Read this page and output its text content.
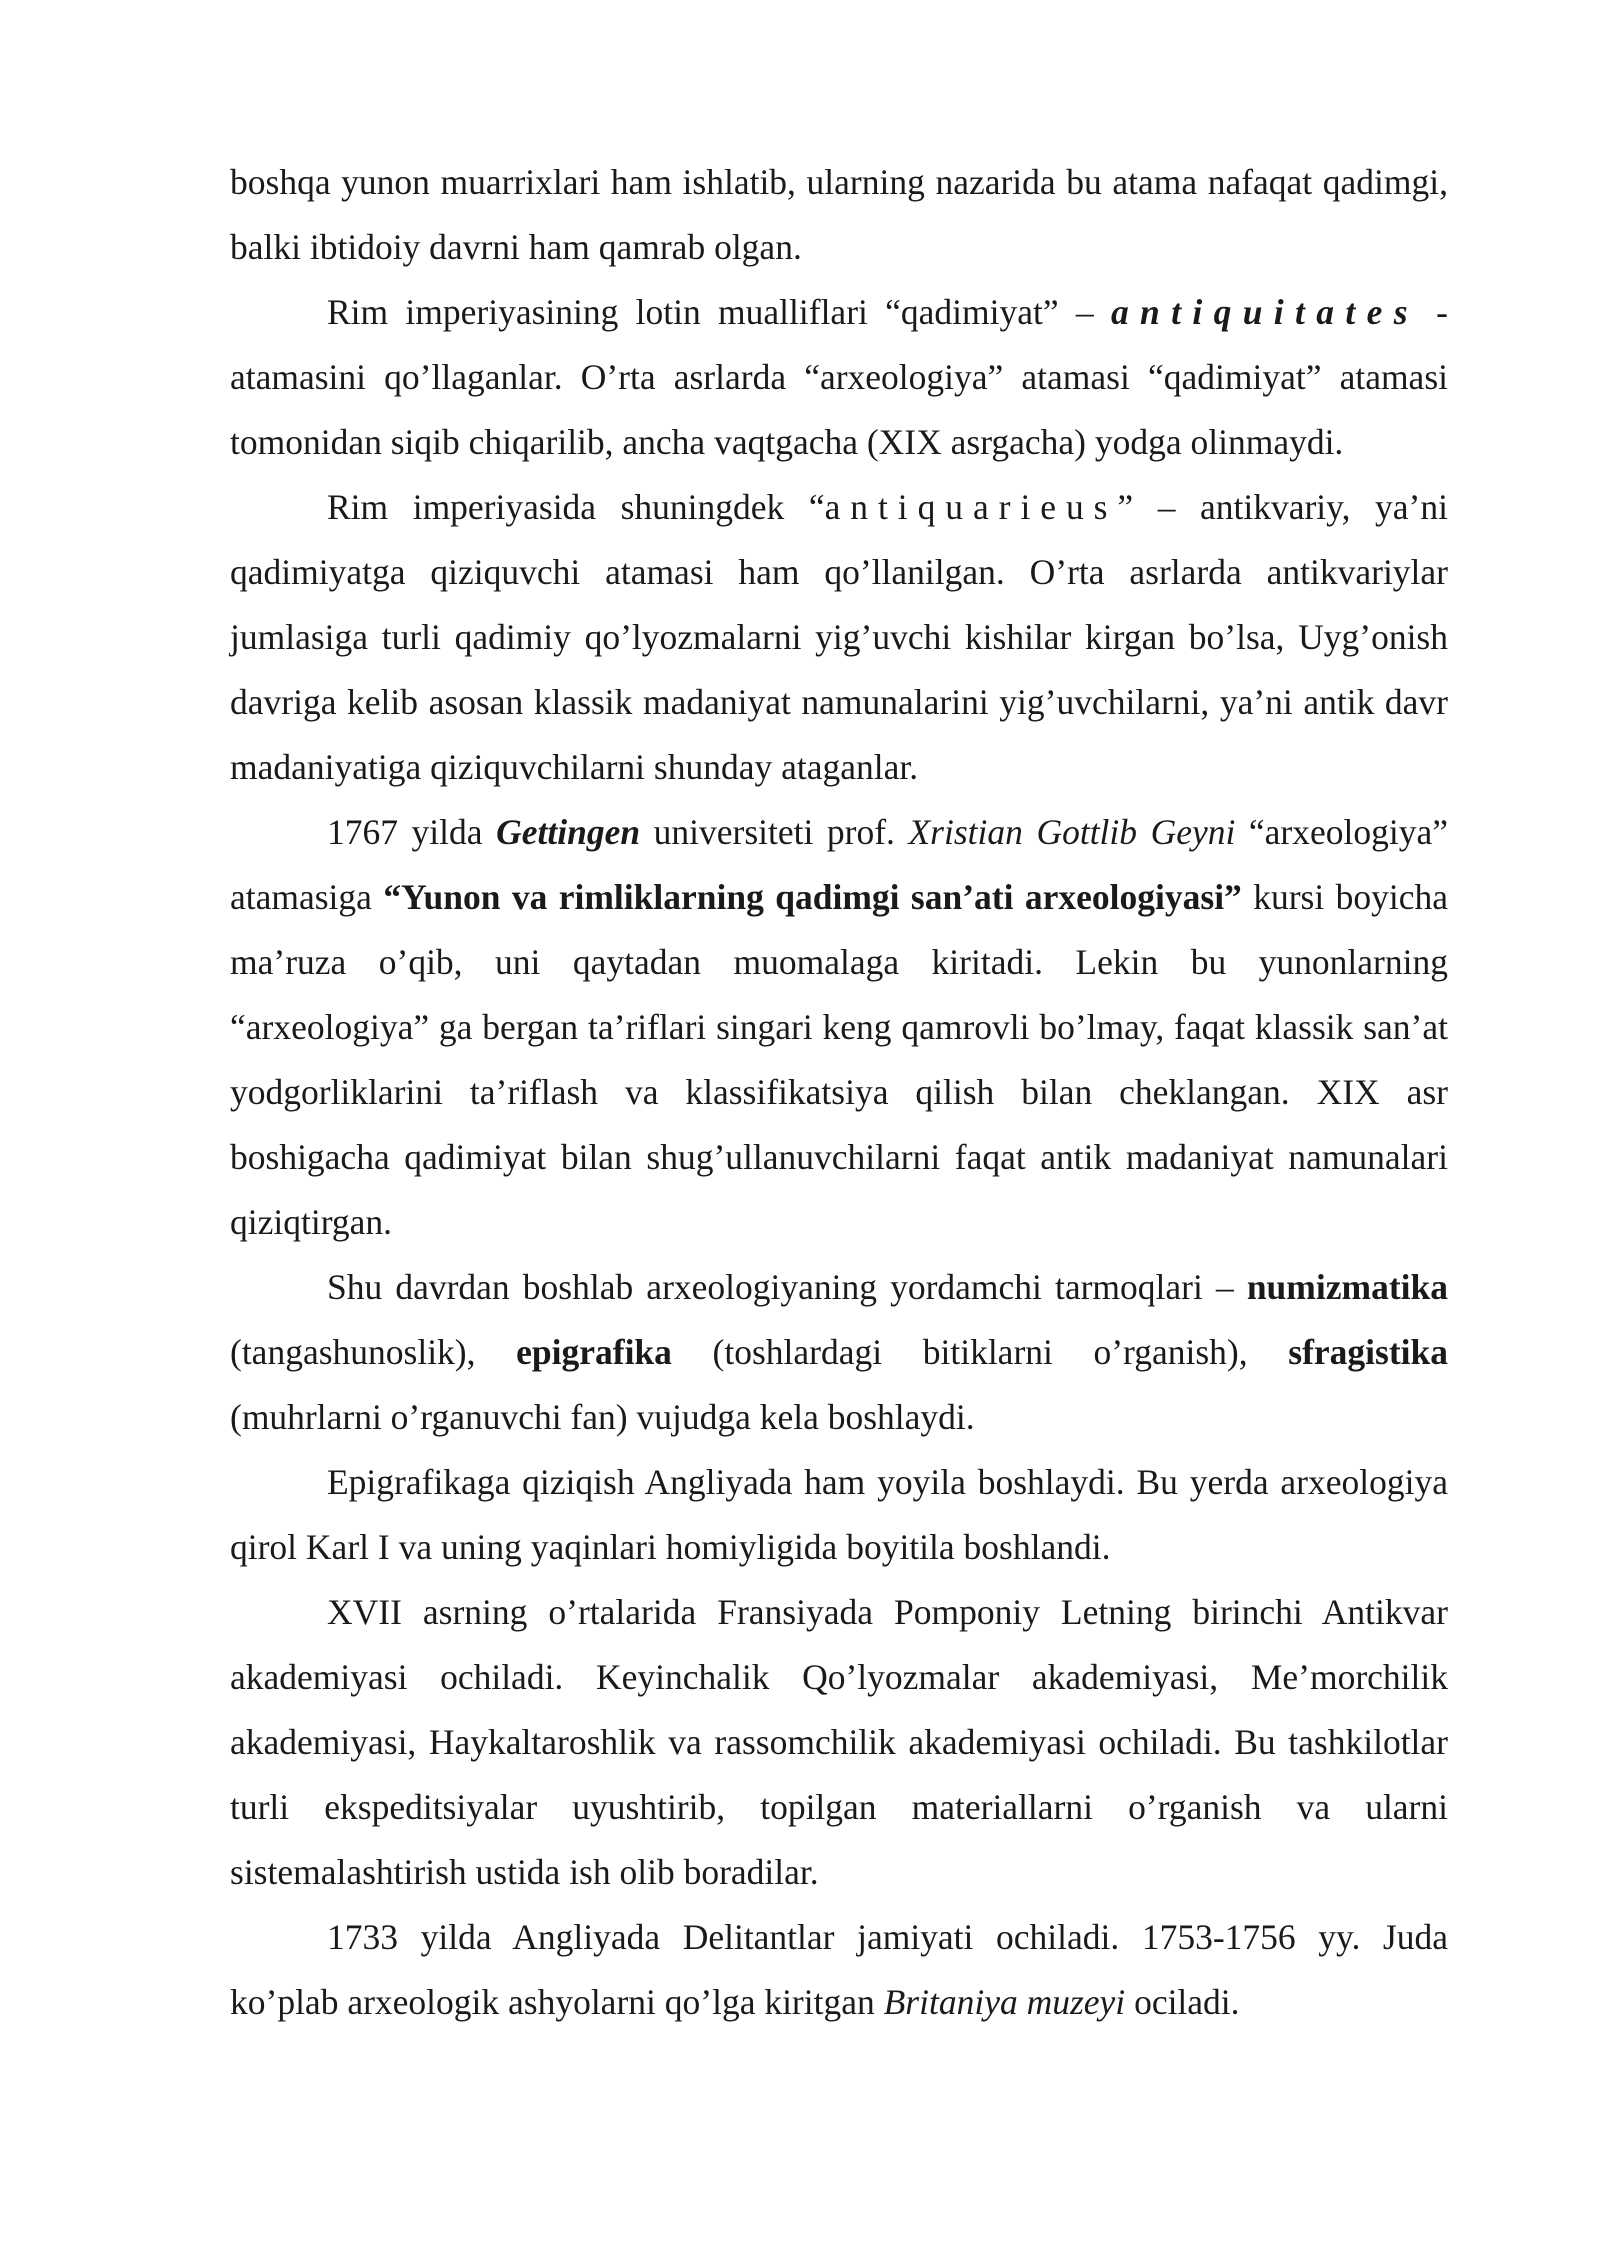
boshqa yunon muarrixlari ham ishlatib, ularning nazarida bu atama nafaqat qadimgi, balki ibtidoiy davrni ham qamrab olgan.

Rim imperiyasining lotin mualliflari “qadimiyat” – antiquitates - atamasini qo’llaganlar. O’rta asrlarda “arxeologiya” atamasi “qadimiyat” atamasi tomonidan siqib chiqarilib, ancha vaqtgacha (XIX asrgacha) yodga olinmaydi.

Rim imperiyasida shuningdek “antiquarieus” – antikvariy, ya’ni qadimiyatga qiziquvchi atamasi ham qo’llanilgan. O’rta asrlarda antikvariylar jumlasiga turli qadimiy qo’lyozmalarni yig’uvchi kishilar kirgan bo’lsa, Uyg’onish davriga kelib asosan klassik madaniyat namunalarini yig’uvchilarni, ya’ni antik davr madaniyatiga qiziquvchilarni shunday ataganlar.

1767 yilda Gettingen universiteti prof. Xristian Gottlib Geyni “arxeologiya” atamasiga “Yunon va rimliklarning qadimgi san’ati arxeologiyasi” kursi boyicha ma’ruza o’qib, uni qaytadan muomalaga kiritadi. Lekin bu yunonlarning “arxeologiya” ga bergan ta’riflari singari keng qamrovli bo’lmay, faqat klassik san’at yodgorliklarini ta’riflash va klassifikatsiya qilish bilan cheklangan. XIX asr boshigacha qadimiyat bilan shug’ullanuvchilarni faqat antik madaniyat namunalari qiziqtirgan.

Shu davrdan boshlab arxeologiyaning yordamchi tarmoqlari – numizmatika (tangashunoslik), epigrafika (toshlardagi bitiklarni o’rganish), sfragistika (muhrlarni o’rganuvchi fan) vujudga kela boshlaydi.

Epigrafikaga qiziqish Angliyada ham yoyila boshlaydi. Bu yerda arxeologiya qirol Karl I va uning yaqinlari homiyligida boyitila boshlandi.

XVII asrning o’rtalarida Fransiyada Pomponiy Letning birinchi Antikvar akademiyasi ochiladi. Keyinchalik Qo’lyozmalar akademiyasi, Me’morchilik akademiyasi, Haykaltaroshlik va rassomchilik akademiyasi ochiladi. Bu tashkilotlar turli ekspeditsiyalar uyushtirib, topilgan materiallarni o’rganish va ularni sistemalashtirish ustida ish olib boradilar.

1733 yilda Angliyada Delitantlar jamiyati ochiladi. 1753-1756 yy. Juda ko’plab arxeologik ashyolarni qo’lga kiritgan Britaniya muzeyi ociladi.
